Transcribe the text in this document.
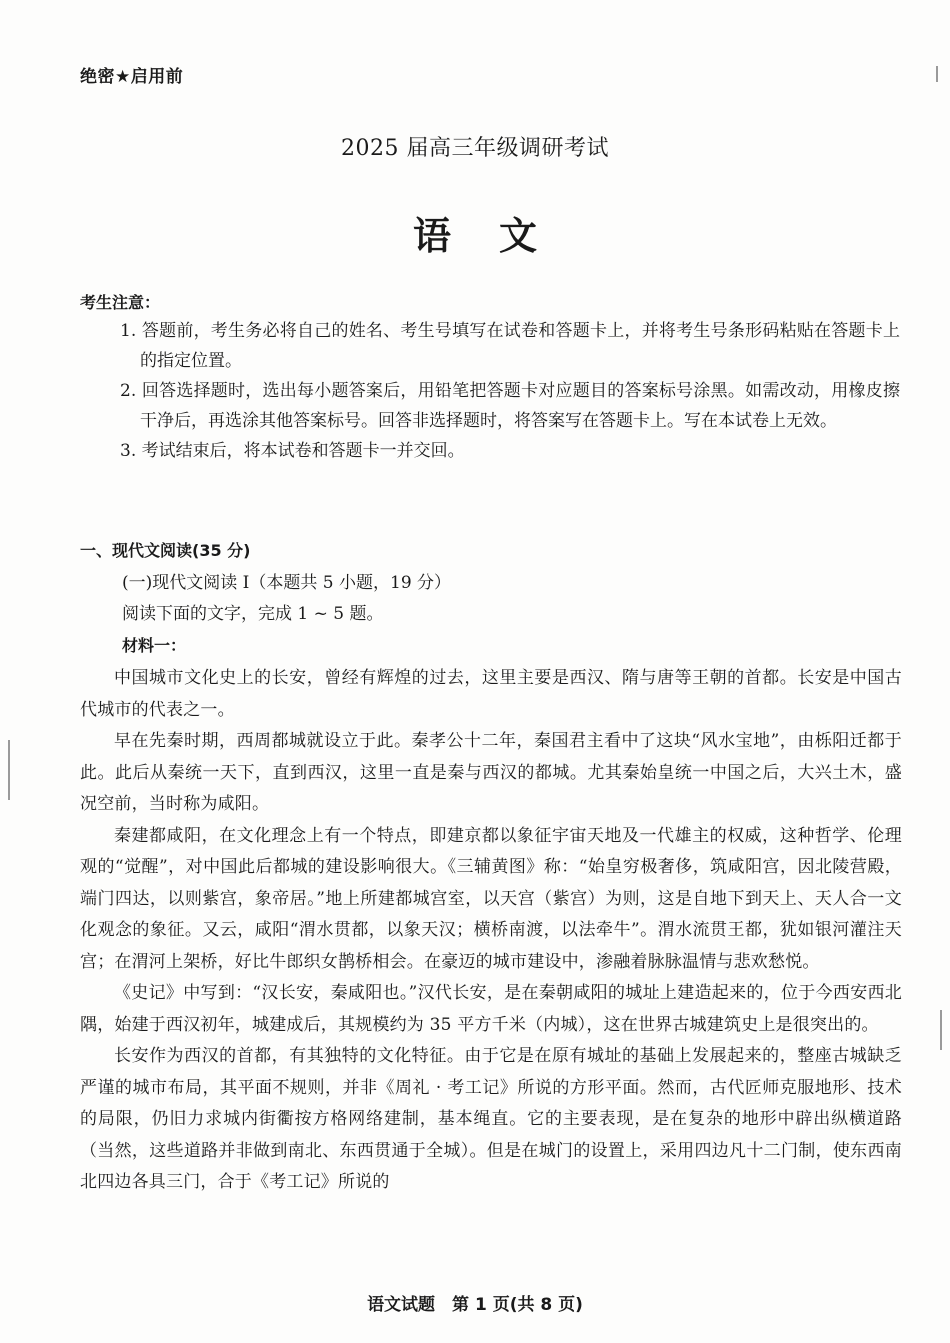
绝密★启用前
2025 届高三年级调研考试
语文
考生注意：
1. 答题前，考生务必将自己的姓名、考生号填写在试卷和答题卡上，并将考生号条形码粘贴在答题卡上的指定位置。
2. 回答选择题时，选出每小题答案后，用铅笔把答题卡对应题目的答案标号涂黑。如需改动，用橡皮擦干净后，再选涂其他答案标号。回答非选择题时，将答案写在答题卡上。写在本试卷上无效。
3. 考试结束后，将本试卷和答题卡一并交回。
一、现代文阅读(35 分)
(一)现代文阅读 I（本题共 5 小题，19 分）
阅读下面的文字，完成 1 ~ 5 题。
材料一：

中国城市文化史上的长安，曾经有辉煌的过去，这里主要是西汉、隋与唐等王朝的首都。长安是中国古代城市的代表之一。

早在先秦时期，西周都城就设立于此。秦孝公十二年，秦国君主看中了这块“风水宝地”，由栎阳迁都于此。此后从秦统一天下，直到西汉，这里一直是秦与西汉的都城。尤其秦始皇统一中国之后，大兴土木，盛况空前，当时称为咸阳。

秦建都咸阳，在文化理念上有一个特点，即建京都以象征宇宙天地及一代雄主的权威，这种哲学、伦理观的“觉醒”，对中国此后都城的建设影响很大。《三辅黄图》称：“始皇穷极奢侈，筑咸阳宫，因北陵营殿，端门四达，以则紫宫，象帝居。”地上所建都城宫室，以天宫（紫宫）为则，这是自地下到天上、天人合一文化观念的象征。又云，咸阳“渭水贯都，以象天汉；横桥南渡，以法牵牛”。渭水流贯王都，犹如银河灌注天宫；在渭河上架桥，好比牛郎织女鹊桥相会。在豪迈的城市建设中，渗融着脉脉温情与悲欢愁悦。

《史记》中写到：“汉长安，秦咸阳也。”汉代长安，是在秦朝咸阳的城址上建造起来的，位于今西安西北隅，始建于西汉初年，城建成后，其规模约为 35 平方千米（内城），这在世界古城建筑史上是很突出的。

长安作为西汉的首都，有其独特的文化特征。由于它是在原有城址的基础上发展起来的，整座古城缺乏严谨的城市布局，其平面不规则，并非《周礼 · 考工记》所说的方形平面。然而，古代匠师克服地形、技术的局限，仍旧力求城内街衢按方格网络建制，基本绳直。它的主要表现，是在复杂的地形中辟出纵横道路（当然，这些道路并非做到南北、东西贯通于全城）。但是在城门的设置上，采用四边凡十二门制，使东西南北四边各具三门，合于《考工记》所说的

语文试题　第 1 页(共 8 页)
